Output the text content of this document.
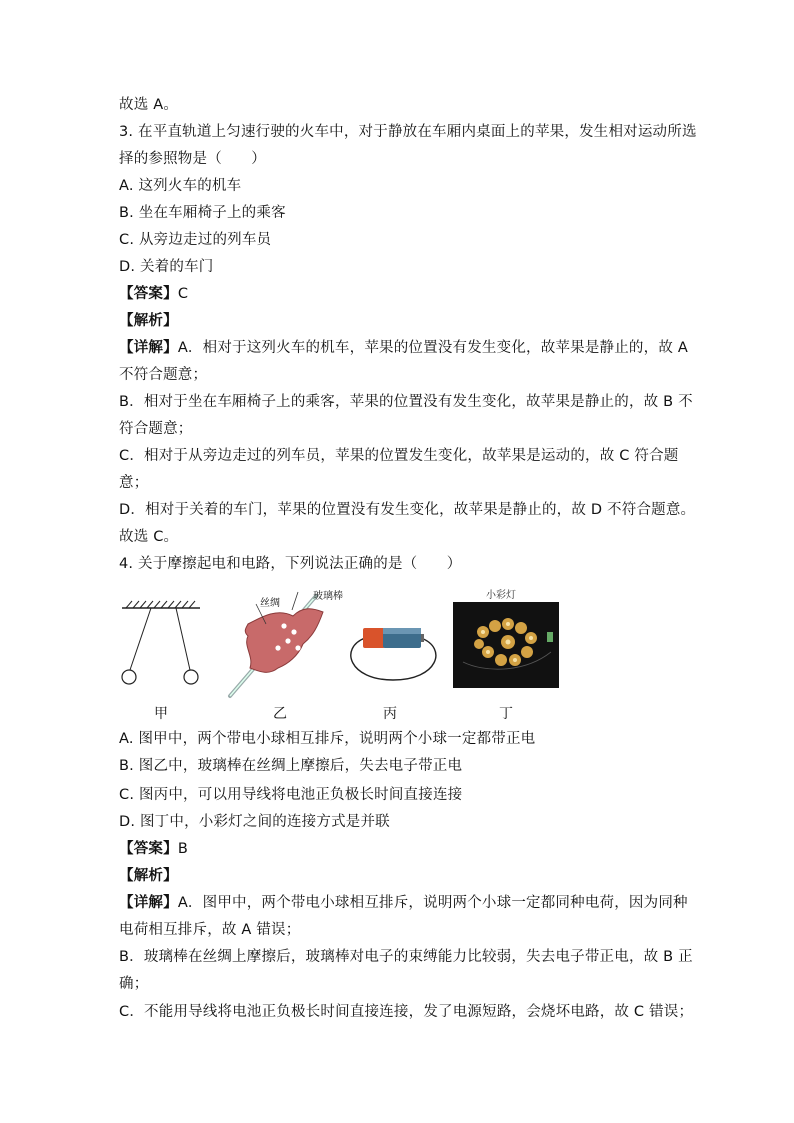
故选 A。
3. 在平直轨道上匀速行驶的火车中，对于静放在车厢内桌面上的苹果，发生相对运动所选
择的参照物是（　　）
A. 这列火车的机车
B. 坐在车厢椅子上的乘客
C. 从旁边走过的列车员
D. 关着的车门
【答案】C
【解析】
【详解】A．相对于这列火车的机车，苹果的位置没有发生变化，故苹果是静止的，故 A
不符合题意；
B．相对于坐在车厢椅子上的乘客，苹果的位置没有发生变化，故苹果是静止的，故 B 不
符合题意；
C．相对于从旁边走过的列车员，苹果的位置发生变化，故苹果是运动的，故 C 符合题
意；
D．相对于关着的车门，苹果的位置没有发生变化，故苹果是静止的，故 D 不符合题意。
故选 C。
4. 关于摩擦起电和电路，下列说法正确的是（　　）
甲
丝绸
玻璃棒
乙	丙
小彩灯
丁
A. 图甲中，两个带电小球相互排斥，说明两个小球一定都带正电
B. 图乙中，玻璃棒在丝绸上摩擦后，失去电子带正电
C. 图丙中，可以用导线将电池正负极长时间直接连接
D. 图丁中，小彩灯之间的连接方式是并联
【答案】B
【解析】
【详解】A．图甲中，两个带电小球相互排斥，说明两个小球一定都同种电荷，因为同种
电荷相互排斥，故 A 错误；
B．玻璃棒在丝绸上摩擦后，玻璃棒对电子的束缚能力比较弱，失去电子带正电，故 B 正
确；
C．不能用导线将电池正负极长时间直接连接，发了电源短路，会烧坏电路，故 C 错误；
